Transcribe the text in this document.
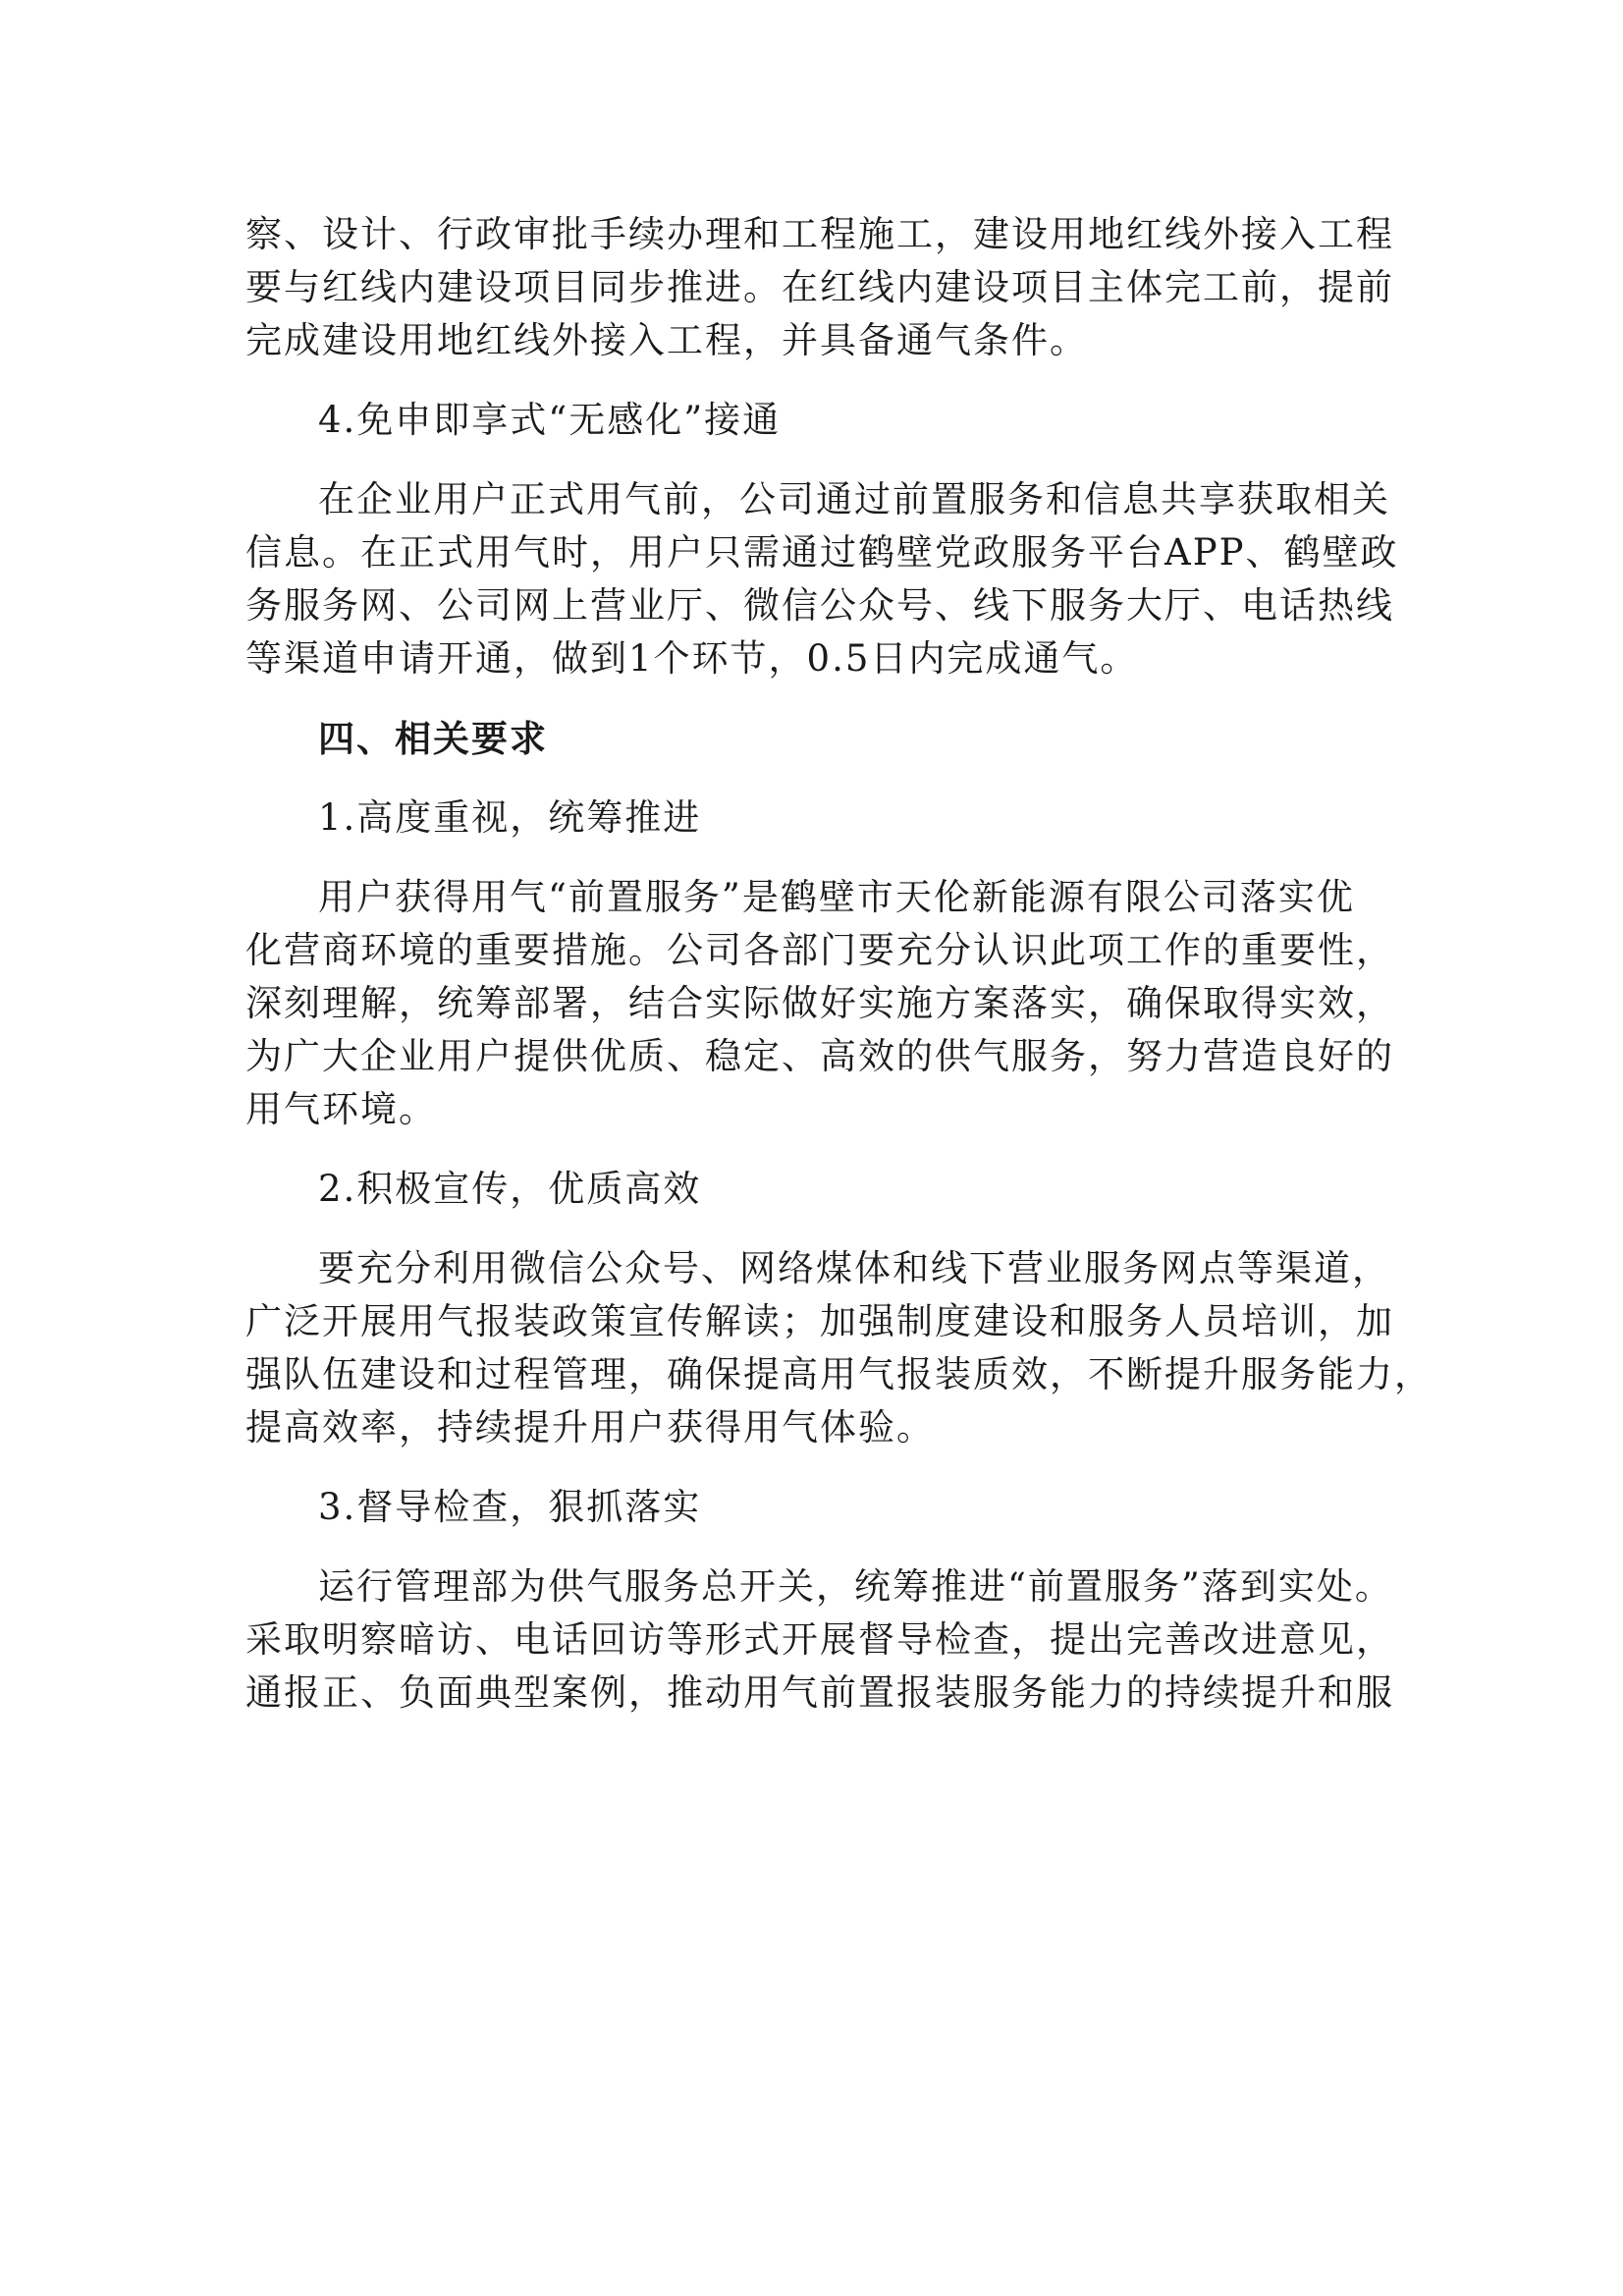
察、设计、行政审批手续办理和工程施工，建设用地红线外接入工程

要与红线内建设项目同步推进。在红线内建设项目主体完工前，提前

完成建设用地红线外接入工程，并具备通气条件。

4.免申即享式“无感化”接通

在企业用户正式用气前，公司通过前置服务和信息共享获取相关

信息。在正式用气时，用户只需通过鹤壁党政服务平台APP、鹤壁政

务服务网、公司网上营业厅、微信公众号、线下服务大厅、电话热线

等渠道申请开通，做到1个环节，0.5日内完成通气。

四、相关要求

1.高度重视，统筹推进

用户获得用气“前置服务”是鹤壁市天伦新能源有限公司落实优

化营商环境的重要措施。公司各部门要充分认识此项工作的重要性，

深刻理解，统筹部署，结合实际做好实施方案落实，确保取得实效，

为广大企业用户提供优质、稳定、高效的供气服务，努力营造良好的

用气环境。

2.积极宣传，优质高效

要充分利用微信公众号、网络煤体和线下营业服务网点等渠道，

广泛开展用气报装政策宣传解读；加强制度建设和服务人员培训，加

强队伍建设和过程管理，确保提高用气报装质效，不断提升服务能力，

提高效率，持续提升用户获得用气体验。

3.督导检查，狠抓落实

运行管理部为供气服务总开关，统筹推进“前置服务”落到实处。

采取明察暗访、电话回访等形式开展督导检查，提出完善改进意见，

通报正、负面典型案例，推动用气前置报装服务能力的持续提升和服
